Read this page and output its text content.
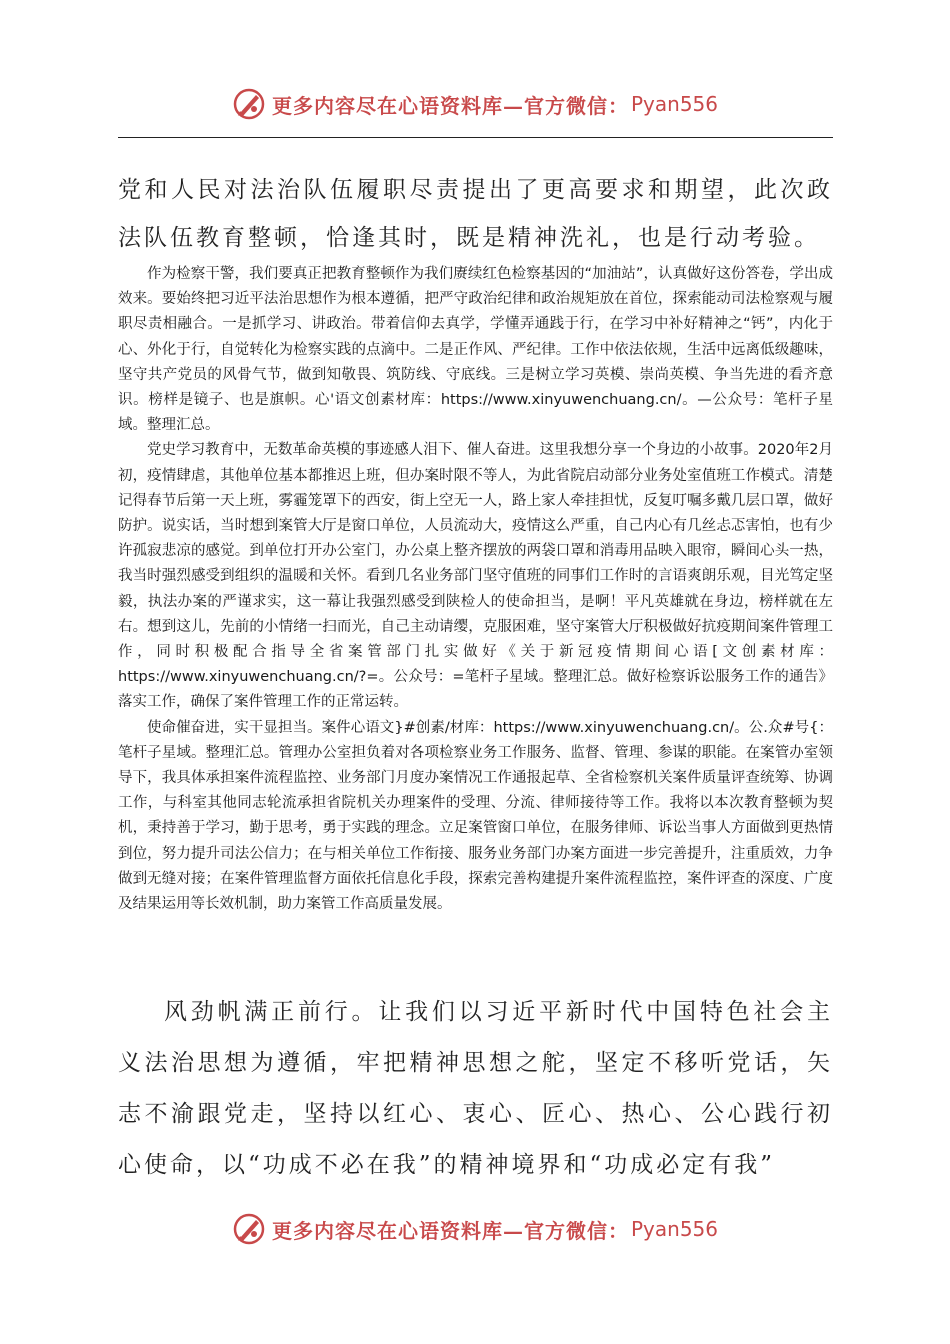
更多内容尽在心语资料库—官方微信： Pyan556

党和人民对法治队伍履职尽责提出了更高要求和期望，此次政法队伍教育整顿，恰逢其时，既是精神洗礼，也是行动考验。

作为检察干警，我们要真正把教育整顿作为我们赓续红色检察基因的“加油站”，认真做好这份答卷，学出成效来。要始终把习近平法治思想作为根本遵循，把严守政治纪律和政治规矩放在首位，探索能动司法检察观与履职尽责相融合。一是抓学习、讲政治。带着信仰去真学，学懂弄通践于行，在学习中补好精神之“钙”，内化于心、外化于行，自觉转化为检察实践的点滴中。二是正作风、严纪律。工作中依法依规，生活中远离低级趣味，坚守共产党员的风骨气节，做到知敬畏、筑防线、守底线。三是树立学习英模、崇尚英模、争当先进的看齐意识。榜样是镜子、也是旗帜。心'语文创素材库：https://www.xinyuwenchuang.cn/。—公众号：笔杆子星域。整理汇总。

党史学习教育中，无数革命英模的事迹感人泪下、催人奋进。这里我想分享一个身边的小故事。2020年2月初，疫情肆虐，其他单位基本都推迟上班，但办案时限不等人，为此省院启动部分业务处室值班工作模式。清楚记得春节后第一天上班，雾霾笼罩下的西安，街上空无一人，路上家人牵挂担忧，反复叮嘱多戴几层口罩，做好防护。说实话，当时想到案管大厅是窗口单位，人员流动大，疫情这么严重，自己内心有几丝忐忑害怕，也有少许孤寂悲凉的感觉。到单位打开办公室门，办公桌上整齐摆放的两袋口罩和消毒用品映入眼帘，瞬间心头一热，我当时强烈感受到组织的温暖和关怀。看到几名业务部门坚守值班的同事们工作时的言语爽朗乐观，目光笃定坚毅，执法办案的严谨求实，这一幕让我强烈感受到陕检人的使命担当，是啊！平凡英雄就在身边，榜样就在左右。想到这儿，先前的小情绪一扫而光，自己主动请缨，克服困难，坚守案管大厅积极做好抗疫期间案件管理工作，同时积极配合指导全省案管部门扎实做好《关于新冠疫情期间心语[文创素材库：https://www.xinyuwenchuang.cn/?=。公众号：=笔杆子星域。整理汇总。做好检察诉讼服务工作的通告》落实工作，确保了案件管理工作的正常运转。

使命催奋进，实干显担当。案件心语文}#创素/材库：https://www.xinyuwenchuang.cn/。公.众#号{：笔杆子星域。整理汇总。管理办公室担负着对各项检察业务工作服务、监督、管理、参谋的职能。在案管办室领导下，我具体承担案件流程监控、业务部门月度办案情况工作通报起草、全省检察机关案件质量评查统筹、协调工作，与科室其他同志轮流承担省院机关办理案件的受理、分流、律师接待等工作。我将以本次教育整顿为契机，秉持善于学习，勤于思考，勇于实践的理念。立足案管窗口单位，在服务律师、诉讼当事人方面做到更热情到位，努力提升司法公信力；在与相关单位工作衔接、服务业务部门办案方面进一步完善提升，注重质效，力争做到无缝对接；在案件管理监督方面依托信息化手段，探索完善构建提升案件流程监控，案件评查的深度、广度及结果运用等长效机制，助力案管工作高质量发展。

风劲帆满正前行。让我们以习近平新时代中国特色社会主义法治思想为遵循，牢把精神思想之舵，坚定不移听党话，矢志不渝跟党走，坚持以红心、衷心、匠心、热心、公心践行初心使命，以“功成不必在我”的精神境界和“功成必定有我”

更多内容尽在心语资料库—官方微信： Pyan556
